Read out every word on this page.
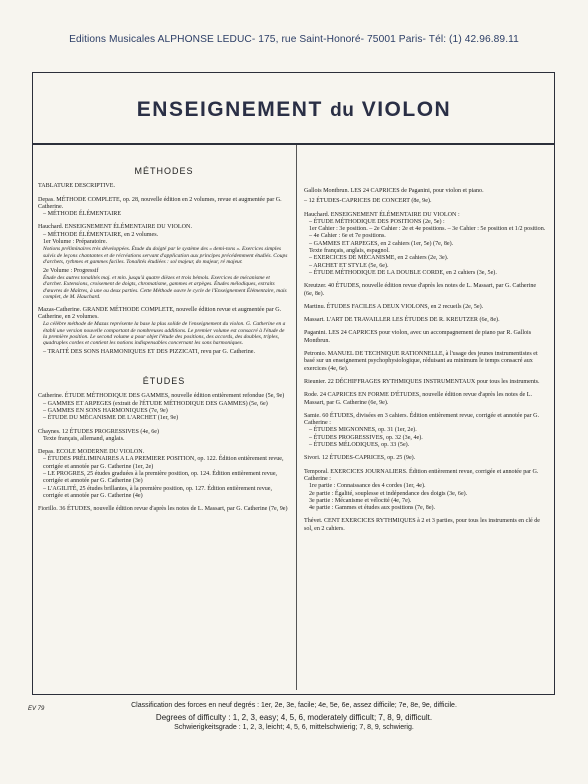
Editions Musicales ALPHONSE LEDUC- 175, rue Saint-Honoré- 75001 Paris- Tél: (1) 42.96.89.11
ENSEIGNEMENT du VIOLON
MÉTHODES

TABLATURE DESCRIPTIVE.

Depas. MÉTHODE COMPLETE, op. 28, nouvelle édition en 2 volumes, revue et augmentée par G. Catherine.

– MÉTHODE ÉLÉMENTAIRE

Hauchard. ENSEIGNEMENT ÉLÉMENTAIRE DU VIOLON.

– MÉTHODE ÉLÉMENTAIRE, en 2 volumes.

1er Volume : Préparatoire.

Notions préliminaires très développées. Étude du doigté par le système des « demi-tons ». Exercices simples suivis de leçons chantantes et de récréations servant d'application aux principes précédemment étudiés. Coups d'archets, rythmes et gammes faciles. Tonalités étudiées : sol majeur, do majeur, ré majeur.

2e Volume : Progressif

Étude des autres tonalités maj. et min. jusqu'à quatre dièzes et trois bémols. Exercices de mécanisme et d'archet. Extensions, croisement de doigts, chromatisme, gammes et arpèges. Études mélodiques, extraits d'œuvres de Maîtres, à une ou deux parties. Cette Méthode ouvre le cycle de l'Enseignement Élémentaire, mais complet, de M. Hauchard.

Mazas-Catherine. GRANDE MÉTHODE COMPLETE, nouvelle édition revue et augmentée par G. Catherine, en 2 volumes.

La célèbre méthode de Mazas représente la base la plus solide de l'enseignement du violon. G. Catherine en a établi une version nouvelle comportant de nombreuses additions. Le premier volume est consacré à l'étude de la première position. Le second volume a pour objet l'étude des positions, des accords, des doubles, triples, quadruples cordes et contient les notions indispensables concernant les sons harmoniques.

– TRAITÉ DES SONS HARMONIQUES ET DES PIZZICATI, revu par G. Catherine.

ÉTUDES

Catherine. ÉTUDE MÉTHODIQUE DES GAMMES, nouvelle édition entièrement refondue (5e, 9e)

– GAMMES ET ARPEGES (extrait de l'ÉTUDE MÉTHODIQUE DES GAMMES) (5e, 6e)

– GAMMES EN SONS HARMONIQUES (7e, 9e)

– ÉTUDE DU MÉCANISME DE L'ARCHET (1er, 9e)

Chaynes. 12 ÉTUDES PROGRESSIVES (4e, 6e)

Texte français, allemand, anglais.

Depas. ECOLE MODERNE DU VIOLON.

– ÉTUDES PRÉLIMINAIRES A LA PREMIERE POSITION, op. 122. Édition entièrement revue, corrigée et annotée par G. Catherine (1er, 2e)

– LE PROGRES, 25 études graduées à la première position, op. 124. Édition entièrement revue, corrigée et annotée par G. Catherine (3e)

– L'AGILITÉ, 25 études brillantes, à la première position, op. 127. Édition entièrement revue, corrigée et annotée par G. Catherine (4e)

Fiorillo. 36 ÉTUDES, nouvelle édition revue d'après les notes de L. Massart, par G. Catherine (7e, 9e)

Gallois Montbrun. LES 24 CAPRICES de Paganini, pour violon et piano.

– 12 ÉTUDES-CAPRICES DE CONCERT (8e, 9e).

Hauchard. ENSEIGNEMENT ÉLÉMENTAIRE DU VIOLON :

– ÉTUDE MÉTHODIQUE DES POSITIONS (2e, 5e) :

1er Cahier : 3e position. – 2e Cahier : 2e et 4e positions. – 3e Cahier : 5e position et 1/2 position. – 4e Cahier : 6e et 7e positions.

– GAMMES ET ARPEGES, en 2 cahiers (1er, 5e) (7e, 8e).

Texte français, anglais, espagnol.

– EXERCICES DE MÉCANISME, en 2 cahiers (2e, 3e).

– ARCHET ET STYLE (5e, 6e).

– ÉTUDE MÉTHODIQUE DE LA DOUBLE CORDE, en 2 cahiers (3e, 5e).

Kreutzer. 40 ÉTUDES, nouvelle édition revue d'après les notes de L. Massart, par G. Catherine (6e, 8e).

Martinu. ÉTUDES FACILES A DEUX VIOLONS, en 2 recueils (2e, 5e).

Massart. L'ART DE TRAVAILLER LES ÉTUDES DE R. KREUTZER (6e, 8e).

Paganini. LES 24 CAPRICES pour violon, avec un accompagnement de piano par R. Gallois Montbrun.

Petronio. MANUEL DE TECHNIQUE RATIONNELLE, à l'usage des jeunes instrumentistes et basé sur un enseignement psychophysiologique, réduisant au minimum le temps consacré aux exercices (4e, 6e).

Rieunier. 22 DÉCHIFFRAGES RYTHMIQUES INSTRUMENTAUX pour tous les instruments.

Rode. 24 CAPRICES EN FORME D'ÉTUDES, nouvelle édition revue d'après les notes de L. Massart, par G. Catherine (6e, 9e).

Samie. 60 ÉTUDES, divisées en 3 cahiers. Édition entièrement revue, corrigée et annotée par G. Catherine :

– ÉTUDES MIGNONNES, op. 31 (1er, 2e).

– ÉTUDES PROGRESSIVES, op. 32 (3e, 4e).

– ÉTUDES MÉLODIQUES, op. 33 (5e).

Sivori. 12 ÉTUDES-CAPRICES, op. 25 (9e).

Temporal. EXERCICES JOURNALIERS. Édition entièrement revue, corrigée et annotée par G. Catherine :

1re partie : Connaissance des 4 cordes (1er, 4e).

2e partie : Égalité, souplesse et indépendance des doigts (3e, 6e).

3e partie : Mécanisme et vélocité (4e, 7e).

4e partie : Gammes et études aux positions (7e, 8e).

Thévet. CENT EXERCICES RYTHMIQUES à 2 et 3 parties, pour tous les instruments en clé de sol, en 2 cahiers.

EV 79	Classification des forces en neuf degrés : 1er, 2e, 3e, facile; 4e, 5e, 6e, assez difficile; 7e, 8e, 9e, difficile.
Degrees of difficulty : 1, 2, 3, easy; 4, 5, 6, moderately difficult; 7, 8, 9, difficult.
Schwierigkeitsgrade : 1, 2, 3, leicht; 4, 5, 6, mittelschwierig; 7, 8, 9, schwierig.
